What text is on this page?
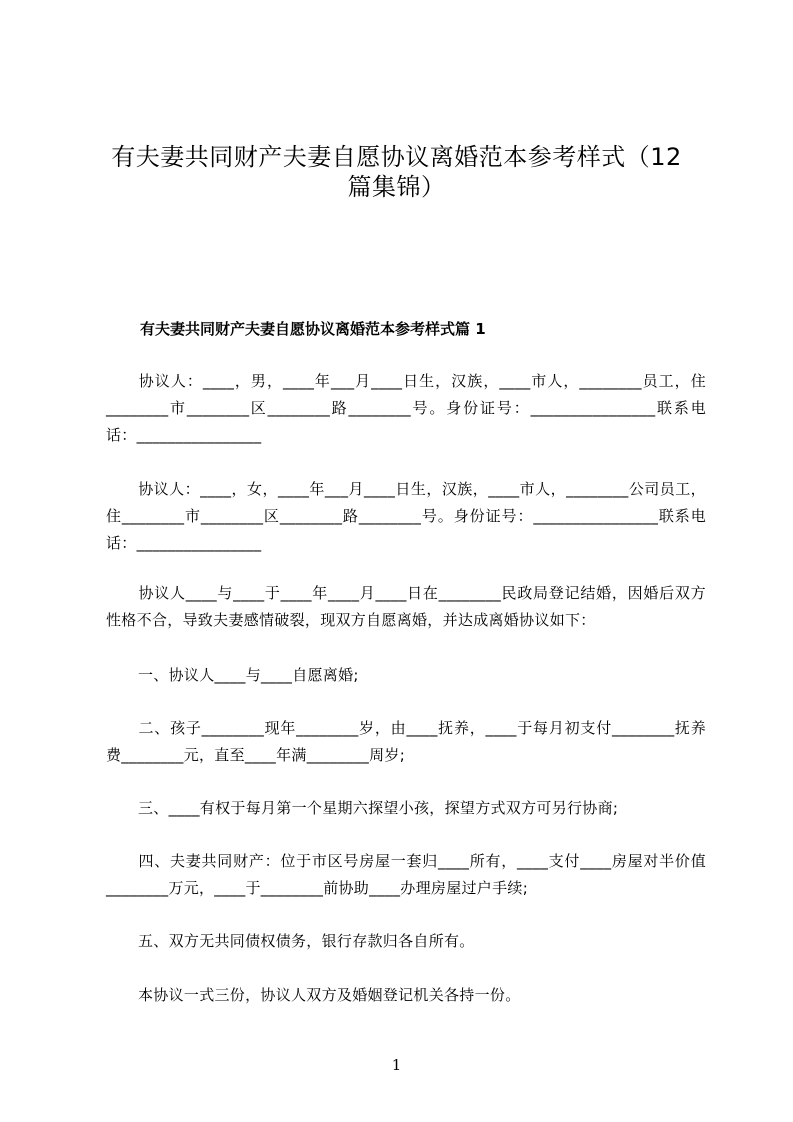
有夫妻共同财产夫妻自愿协议离婚范本参考样式（12 篇集锦）
有夫妻共同财产夫妻自愿协议离婚范本参考样式篇 1

协议人：____，男，____年___月____日生，汉族，____市人，________员工，住________市________区________路________号。身份证号：________________联系电话：________________

协议人：____，女，____年___月____日生，汉族，____市人，________公司员工，住________市________区________路________号。身份证号：________________联系电话：________________

协议人____与____于____年____月____日在________民政局登记结婚，因婚后双方性格不合，导致夫妻感情破裂，现双方自愿离婚，并达成离婚协议如下：

一、协议人____与____自愿离婚;

二、孩子________现年________岁，由____抚养，____于每月初支付________抚养费________元，直至____年满________周岁;

三、____有权于每月第一个星期六探望小孩，探望方式双方可另行协商;

四、夫妻共同财产：位于市区号房屋一套归____所有，____支付____房屋对半价值________万元，____于________前协助____办理房屋过户手续;

五、双方无共同债权债务，银行存款归各自所有。

本协议一式三份，协议人双方及婚姻登记机关各持一份。

1
